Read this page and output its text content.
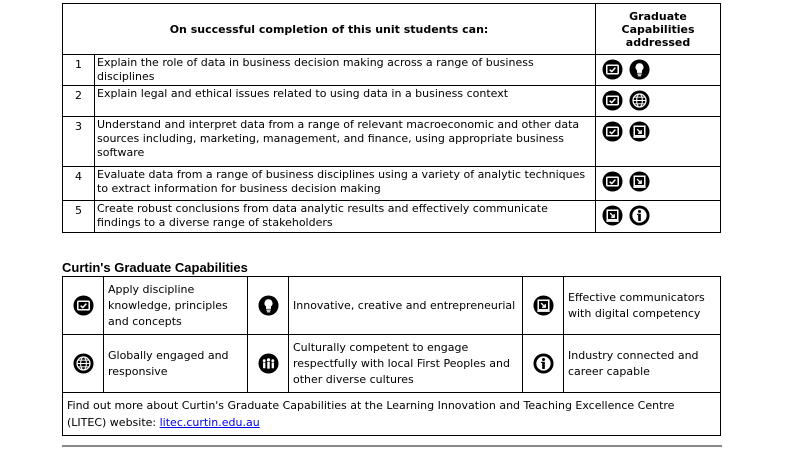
On successful completion of this unit students can:		Graduate
Capabilities
addressed
1	Explain the role of data in business decision making across a range of business disciplines	

2	Explain legal and ethical issues related to using data in a business context	

3	Understand and interpret data from a range of relevant macroeconomic and other data sources including, marketing, management, and finance, using appropriate business software	

4	Evaluate data from a range of business disciplines using a variety of analytic techniques to extract information for business decision making	

5	Create robust conclusions from data analytic results and effectively communicate findings to a diverse range of stakeholders	
Curtin's Graduate Capabilities
	Apply discipline knowledge, principles and concepts		Innovative, creative and entrepreneurial		Effective communicators with digital competency

	Globally engaged and responsive		Culturally competent to engage respectfully with local First Peoples and other diverse cultures		Industry connected and career capable
Find out more about Curtin's Graduate Capabilities at the Learning Innovation and Teaching Excellence Centre (LITEC) website: litec.curtin.edu.au					
